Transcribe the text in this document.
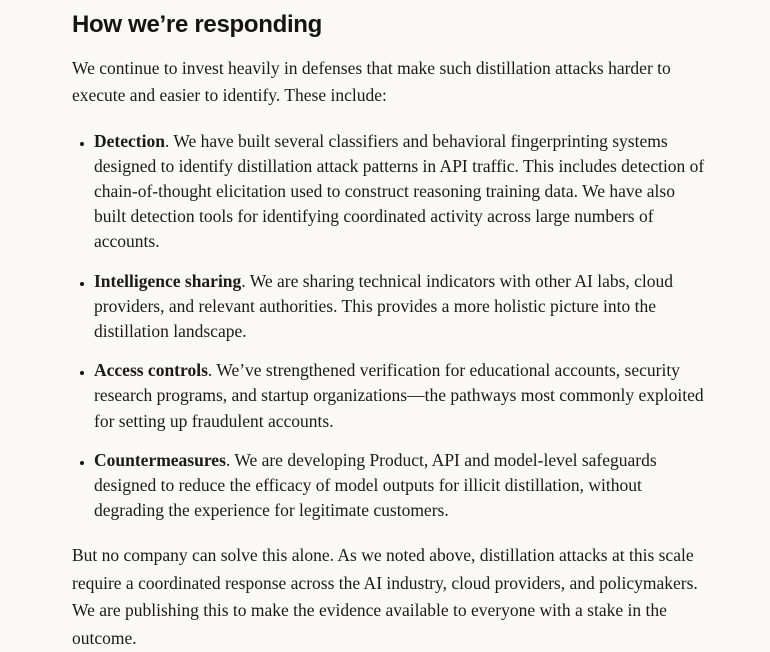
How we’re responding

We continue to invest heavily in defenses that make such distillation attacks harder to execute and easier to identify. These include:

• Detection. We have built several classifiers and behavioral fingerprinting systems designed to identify distillation attack patterns in API traffic. This includes detection of chain-of-thought elicitation used to construct reasoning training data. We have also built detection tools for identifying coordinated activity across large numbers of accounts.
• Intelligence sharing. We are sharing technical indicators with other AI labs, cloud providers, and relevant authorities. This provides a more holistic picture into the distillation landscape.
• Access controls. We’ve strengthened verification for educational accounts, security research programs, and startup organizations—the pathways most commonly exploited for setting up fraudulent accounts.
• Countermeasures. We are developing Product, API and model-level safeguards designed to reduce the efficacy of model outputs for illicit distillation, without degrading the experience for legitimate customers.

But no company can solve this alone. As we noted above, distillation attacks at this scale require a coordinated response across the AI industry, cloud providers, and policymakers. We are publishing this to make the evidence available to everyone with a stake in the outcome.
